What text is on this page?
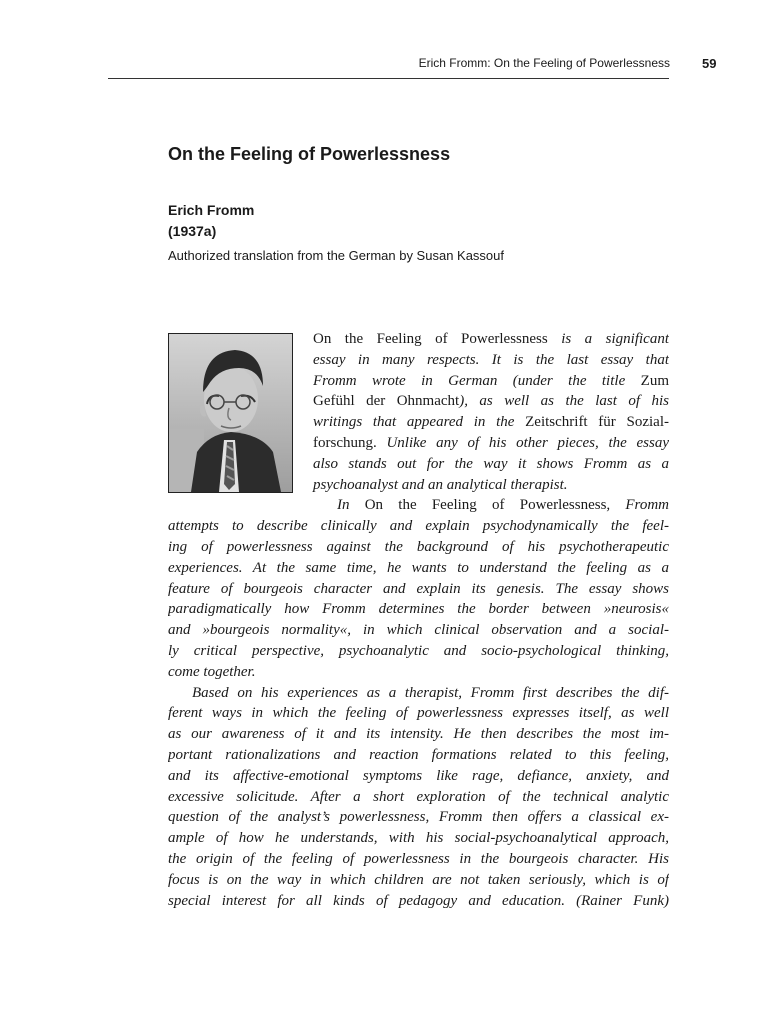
Erich Fromm: On the Feeling of Powerlessness 59
On the Feeling of Powerlessness
Erich Fromm
(1937a)
Authorized translation from the German by Susan Kassouf
On the Feeling of Powerlessness is a significant
essay in many respects. It is the last essay that
Fromm wrote in German (under the title Zum
Gefühl der Ohnmacht), as well as the last of his
writings that appeared in the Zeitschrift für Sozial-
forschung. Unlike any of his other pieces, the essay
also stands out for the way it shows Fromm as a
psychoanalyst and an analytical therapist.
In On the Feeling of Powerlessness, Fromm
attempts to describe clinically and explain psychodynamically the feel-
ing of powerlessness against the background of his psychotherapeutic
experiences. At the same time, he wants to understand the feeling as a
feature of bourgeois character and explain its genesis. The essay shows
paradigmatically how Fromm determines the border between »neurosis«
and »bourgeois normality«, in which clinical observation and a social-
ly critical perspective, psychoanalytic and socio-psychological thinking,
come together.
Based on his experiences as a therapist, Fromm first describes the dif-
ferent ways in which the feeling of powerlessness expresses itself, as well
as our awareness of it and its intensity. He then describes the most im-
portant rationalizations and reaction formations related to this feeling,
and its affective-emotional symptoms like rage, defiance, anxiety, and
excessive solicitude. After a short exploration of the technical analytic
question of the analyst’s powerlessness, Fromm then offers a classical ex-
ample of how he understands, with his social-psychoanalytical approach,
the origin of the feeling of powerlessness in the bourgeois character. His
focus is on the way in which children are not taken seriously, which is of
special interest for all kinds of pedagogy and education. (Rainer Funk)
